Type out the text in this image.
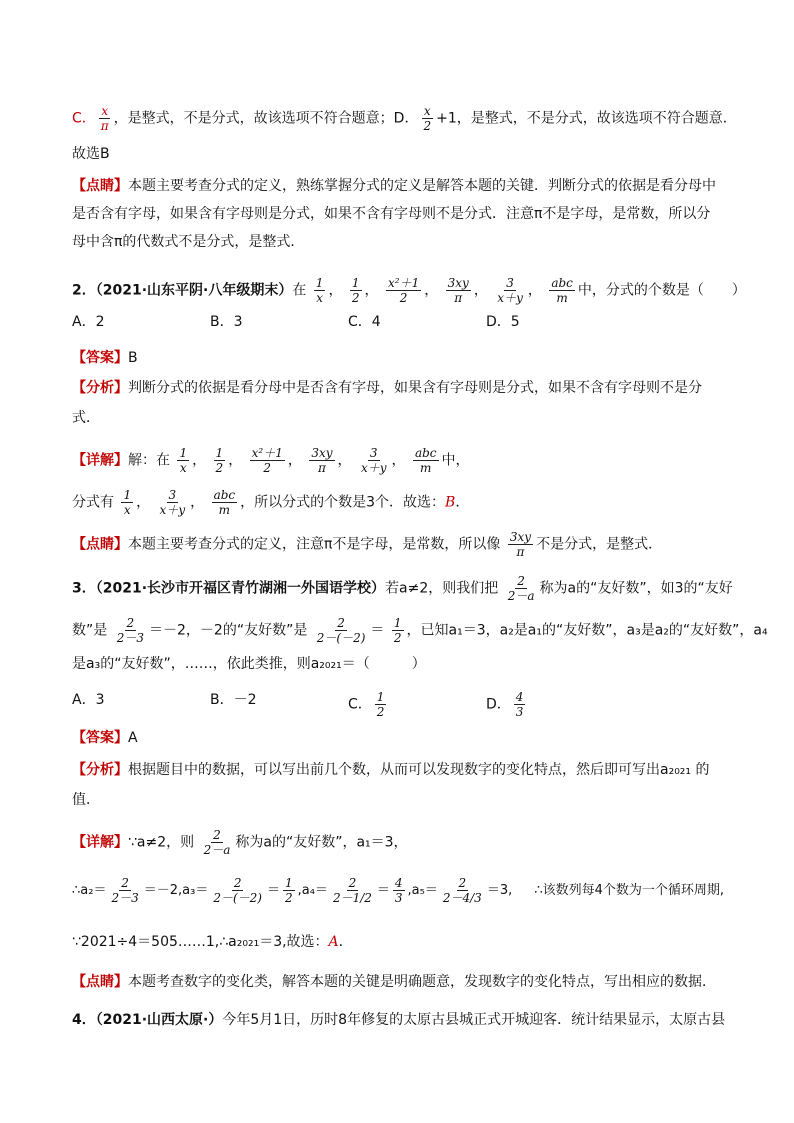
C． $\frac{x}{\pi}$ ，是整式，不是分式，故该选项不符合题意；D． $\frac{x}{2} +1$，是整式，不是分式，故该选项不符合题意．
故选B
【点睛】本题主要考查分式的定义，熟练掌握分式的定义是解答本题的关键．判断分式的依据是看分母中
是否含有字母，如果含有字母则是分式，如果不含有字母则不是分式．注意π不是字母，是常数，所以分
母中含π的代数式不是分式，是整式．
2．（2021·山东平阴·八年级期末）在 $\frac{1}{x}$ ， $\frac{1}{2}$ ， $\frac{\text{x²＋1}}{2}$ ， $\frac{3xy}{\pi}$ ， $\frac{3}{x+y}$ ， $\frac{\text{abc}}{m}$ 中，分式的个数是（　　）
A．2	B．3	C．4	D．5
【答案】B
【分析】判断分式的依据是看分母中是否含有字母，如果含有字母则是分式，如果不含有字母则不是分
式．
【详解】解：在 $\frac{1}{x}$ ， $\frac{1}{2}$ ， $\frac{\text{x²＋1}}{2}$ ， $\frac{3xy}{\pi}$ ， $\frac{3}{x+y}$ ， $\frac{\text{abc}}{m}$ 中，
分式有 $\frac{1}{x}$ ， $\frac{3}{x+y}$ ， $\frac{\text{abc}}{m}$ ，所以分式的个数是3个．故选：B．
【点睛】本题主要考查分式的定义，注意π不是字母，是常数，所以像 $\frac{3xy}{\pi}$ 不是分式，是整式．
3．（2021·长沙市开福区青竹湖湘一外国语学校）若a≠2，则我们把 $\frac{2}{2-a}$ 称为a的“友好数”，如3的“友好
数”是 $\frac{2}{2-3} =-2$，－2的“友好数”是 $\frac{2}{2-(-2)} = \frac{1}{2}$ ，已知a₁＝3，a₂是a₁的“友好数”，a₃是a₂的“友好数”，a₄
是a₃的“友好数”，……，依此类推，则a₂₀₂₁＝（　　　）
A．3	B．－2	C． $\frac{1}{2}$	D． $\frac{4}{3}$
【答案】A
【分析】根据题目中的数据，可以写出前几个数，从而可以发现数字的变化特点，然后即可写出a₂₀₂₁ 的
值．
【详解】∵a≠2，则 $\frac{2}{2-a}$ 称为a的“友好数”，a₁＝3，
∴a₂＝ $\frac{2}{2-3} =-2,a_3= \frac{2}{2-(-2)} = \frac{1}{2} ,a_4= \frac{2}{2-1/2} = \frac{4}{3} ,a_5= \frac{2}{2-4/3} =3$, ∴该数列每4个数为一个循环周期,
∵2021÷4＝505……1,∴a₂₀₂₁＝3,故选：A．
【点睛】本题考查数字的变化类，解答本题的关键是明确题意，发现数字的变化特点，写出相应的数据．
4．（2021·山西太原·）今年5月1日，历时8年修复的太原古县城正式开城迎客．统计结果显示，太原古县
